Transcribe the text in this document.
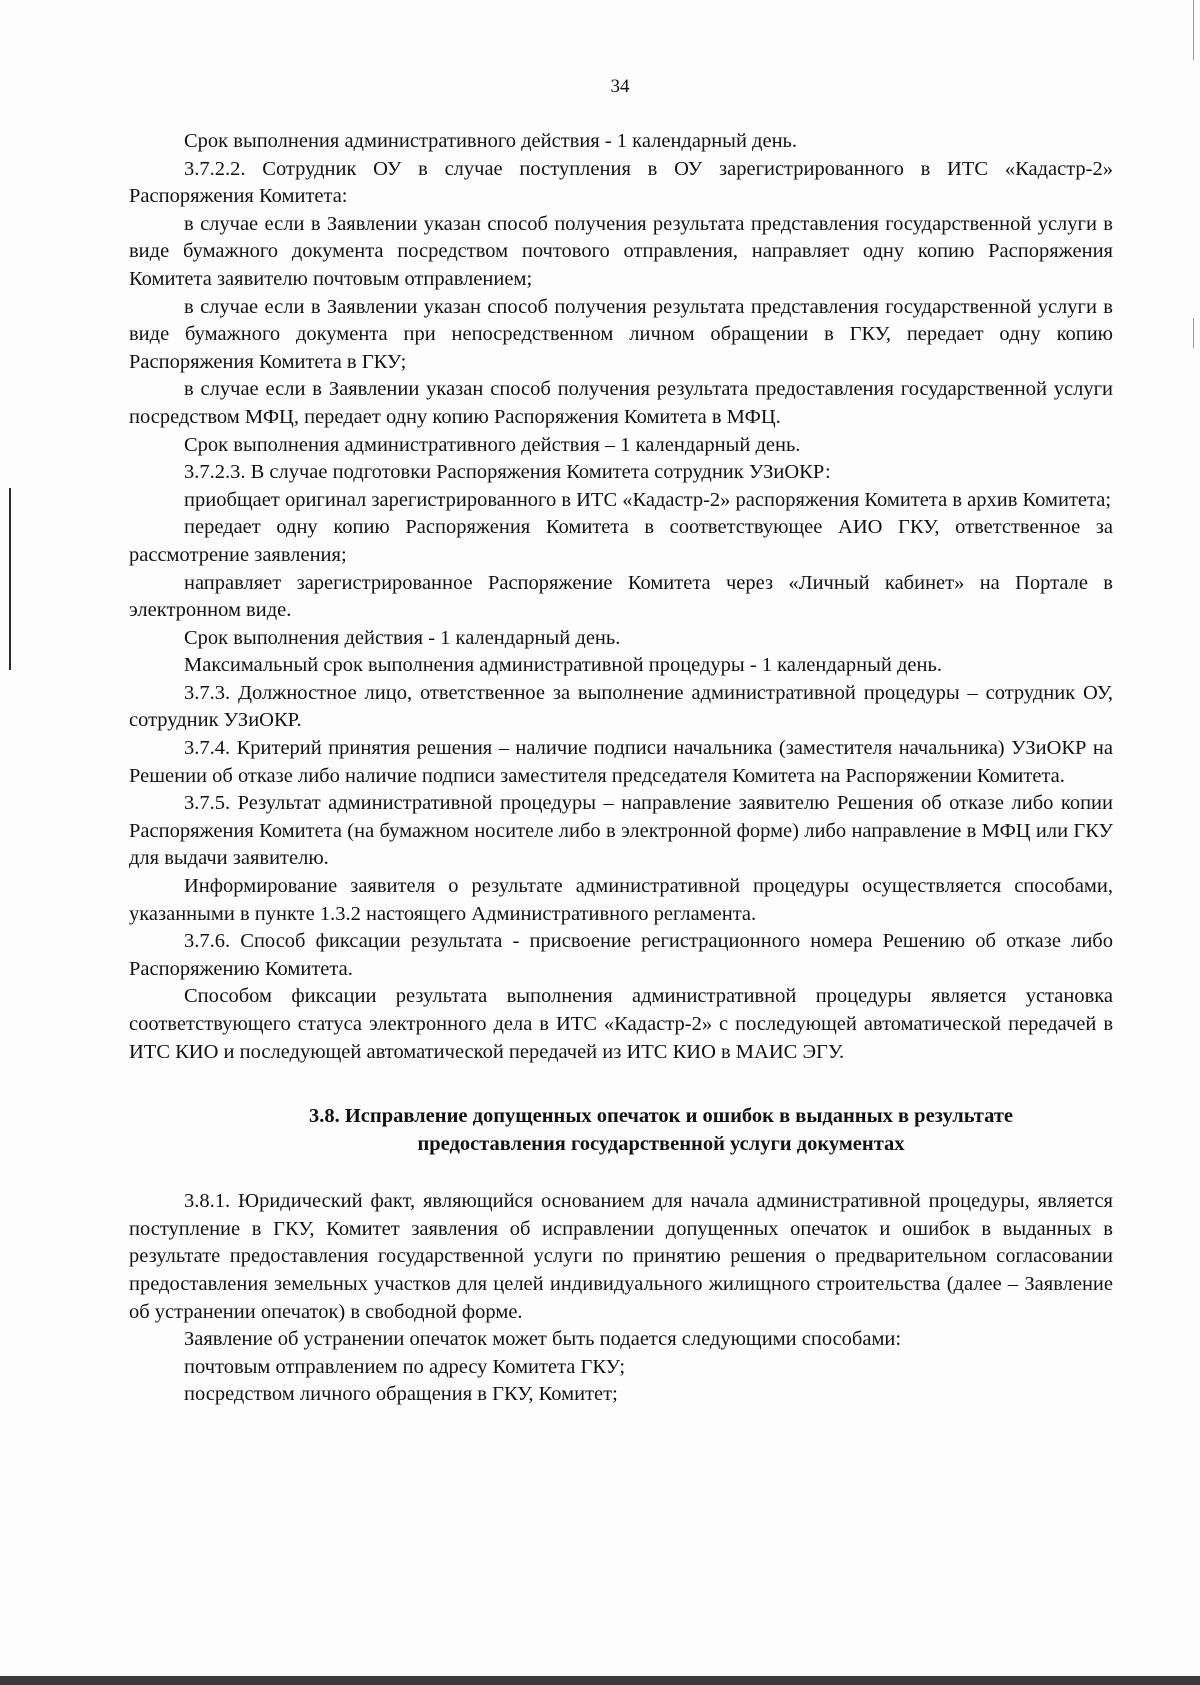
34

Срок выполнения административного действия - 1 календарный день.

3.7.2.2. Сотрудник ОУ в случае поступления в ОУ зарегистрированного в ИТС «Кадастр-2» Распоряжения Комитета:

в случае если в Заявлении указан способ получения результата представления государственной услуги в виде бумажного документа посредством почтового отправления, направляет одну копию Распоряжения Комитета заявителю почтовым отправлением;

в случае если в Заявлении указан способ получения результата представления государственной услуги в виде бумажного документа при непосредственном личном обращении в ГКУ, передает одну копию Распоряжения Комитета в ГКУ;

в случае если в Заявлении указан способ получения результата предоставления государственной услуги посредством МФЦ, передает одну копию Распоряжения Комитета в МФЦ.

Срок выполнения административного действия – 1 календарный день.

3.7.2.3. В случае подготовки Распоряжения Комитета сотрудник УЗиОКР:

приобщает оригинал зарегистрированного в ИТС «Кадастр-2» распоряжения Комитета в архив Комитета;

передает одну копию Распоряжения Комитета в соответствующее АИО ГКУ, ответственное за рассмотрение заявления;

направляет зарегистрированное Распоряжение Комитета через «Личный кабинет» на Портале в электронном виде.

Срок выполнения действия - 1 календарный день.

Максимальный срок выполнения административной процедуры - 1 календарный день.

3.7.3. Должностное лицо, ответственное за выполнение административной процедуры – сотрудник ОУ, сотрудник УЗиОКР.

3.7.4. Критерий принятия решения – наличие подписи начальника (заместителя начальника) УЗиОКР на Решении об отказе либо наличие подписи заместителя председателя Комитета на Распоряжении Комитета.

3.7.5. Результат административной процедуры – направление заявителю Решения об отказе либо копии Распоряжения Комитета (на бумажном носителе либо в электронной форме) либо направление в МФЦ или ГКУ для выдачи заявителю.

Информирование заявителя о результате административной процедуры осуществляется способами, указанными в пункте 1.3.2 настоящего Административного регламента.

3.7.6. Способ фиксации результата - присвоение регистрационного номера Решению об отказе либо Распоряжению Комитета.

Способом фиксации результата выполнения административной процедуры является установка соответствующего статуса электронного дела в ИТС «Кадастр-2» с последующей автоматической передачей в ИТС КИО и последующей автоматической передачей из ИТС КИО в МАИС ЭГУ.

3.8. Исправление допущенных опечаток и ошибок в выданных в результате
предоставления государственной услуги документах

3.8.1. Юридический факт, являющийся основанием для начала административной процедуры, является поступление в ГКУ, Комитет заявления об исправлении допущенных опечаток и ошибок в выданных в результате предоставления государственной услуги по принятию решения о предварительном согласовании предоставления земельных участков для целей индивидуального жилищного строительства (далее – Заявление об устранении опечаток) в свободной форме.

Заявление об устранении опечаток может быть подается следующими способами:

почтовым отправлением по адресу Комитета ГКУ;

посредством личного обращения в ГКУ, Комитет;
